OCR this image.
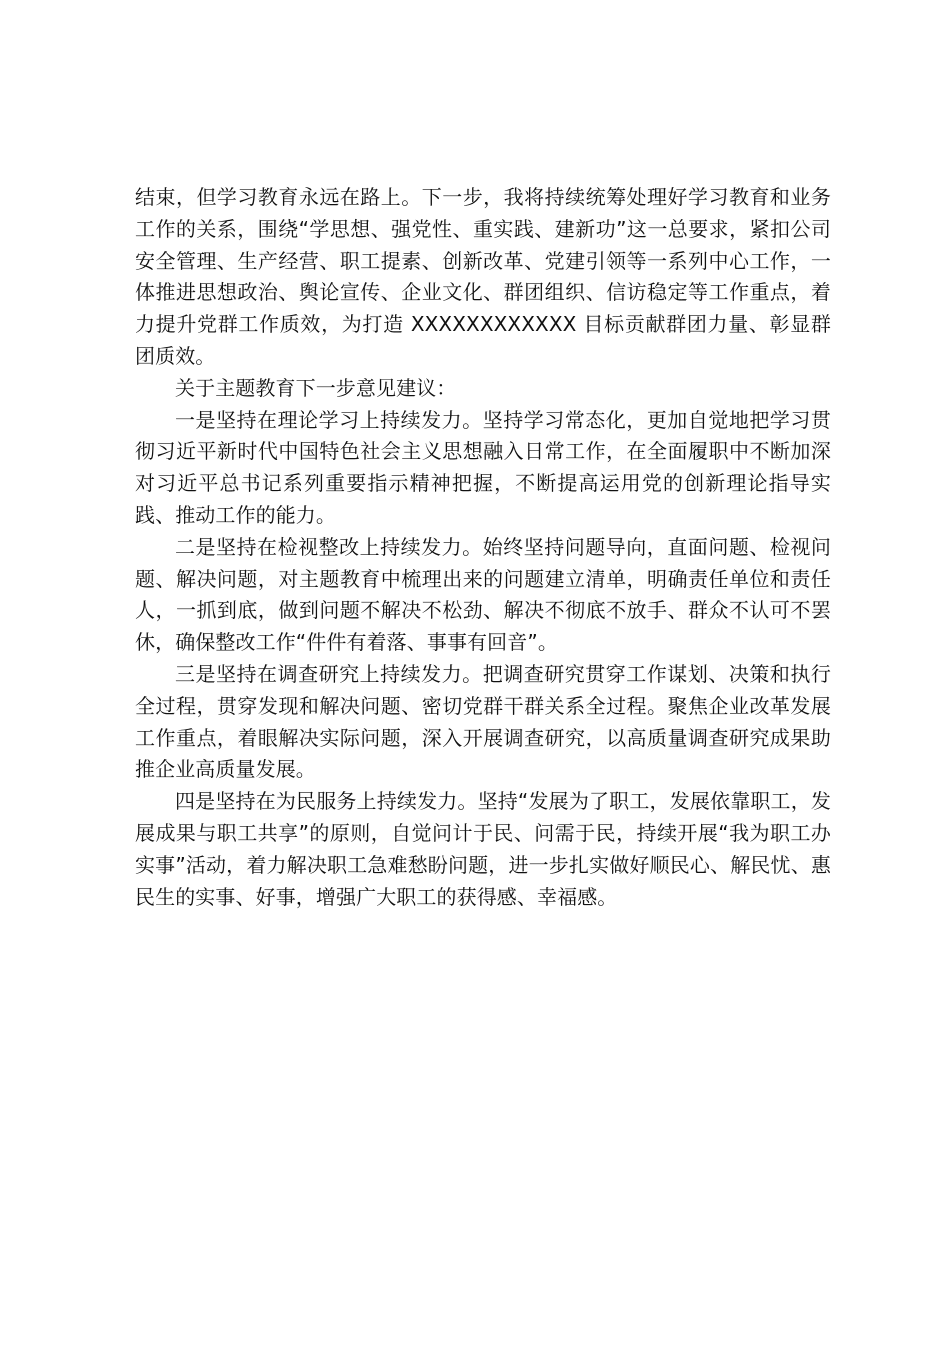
结束，但学习教育永远在路上。下一步，我将持续统筹处理好学习教育和业务工作的关系，围绕“学思想、强党性、重实践、建新功”这一总要求，紧扣公司安全管理、生产经营、职工提素、创新改革、党建引领等一系列中心工作，一体推进思想政治、舆论宣传、企业文化、群团组织、信访稳定等工作重点，着力提升党群工作质效，为打造 XXXXXXXXXXXX 目标贡献群团力量、彰显群团质效。

关于主题教育下一步意见建议：

一是坚持在理论学习上持续发力。坚持学习常态化，更加自觉地把学习贯彻习近平新时代中国特色社会主义思想融入日常工作，在全面履职中不断加深对习近平总书记系列重要指示精神把握，不断提高运用党的创新理论指导实践、推动工作的能力。

二是坚持在检视整改上持续发力。始终坚持问题导向，直面问题、检视问题、解决问题，对主题教育中梳理出来的问题建立清单，明确责任单位和责任人，一抓到底，做到问题不解决不松劲、解决不彻底不放手、群众不认可不罢休，确保整改工作“件件有着落、事事有回音”。

三是坚持在调查研究上持续发力。把调查研究贯穿工作谋划、决策和执行全过程，贯穿发现和解决问题、密切党群干群关系全过程。聚焦企业改革发展工作重点，着眼解决实际问题，深入开展调查研究，以高质量调查研究成果助推企业高质量发展。

四是坚持在为民服务上持续发力。坚持“发展为了职工，发展依靠职工，发展成果与职工共享”的原则，自觉问计于民、问需于民，持续开展“我为职工办实事”活动，着力解决职工急难愁盼问题，进一步扎实做好顺民心、解民忧、惠民生的实事、好事，增强广大职工的获得感、幸福感。
